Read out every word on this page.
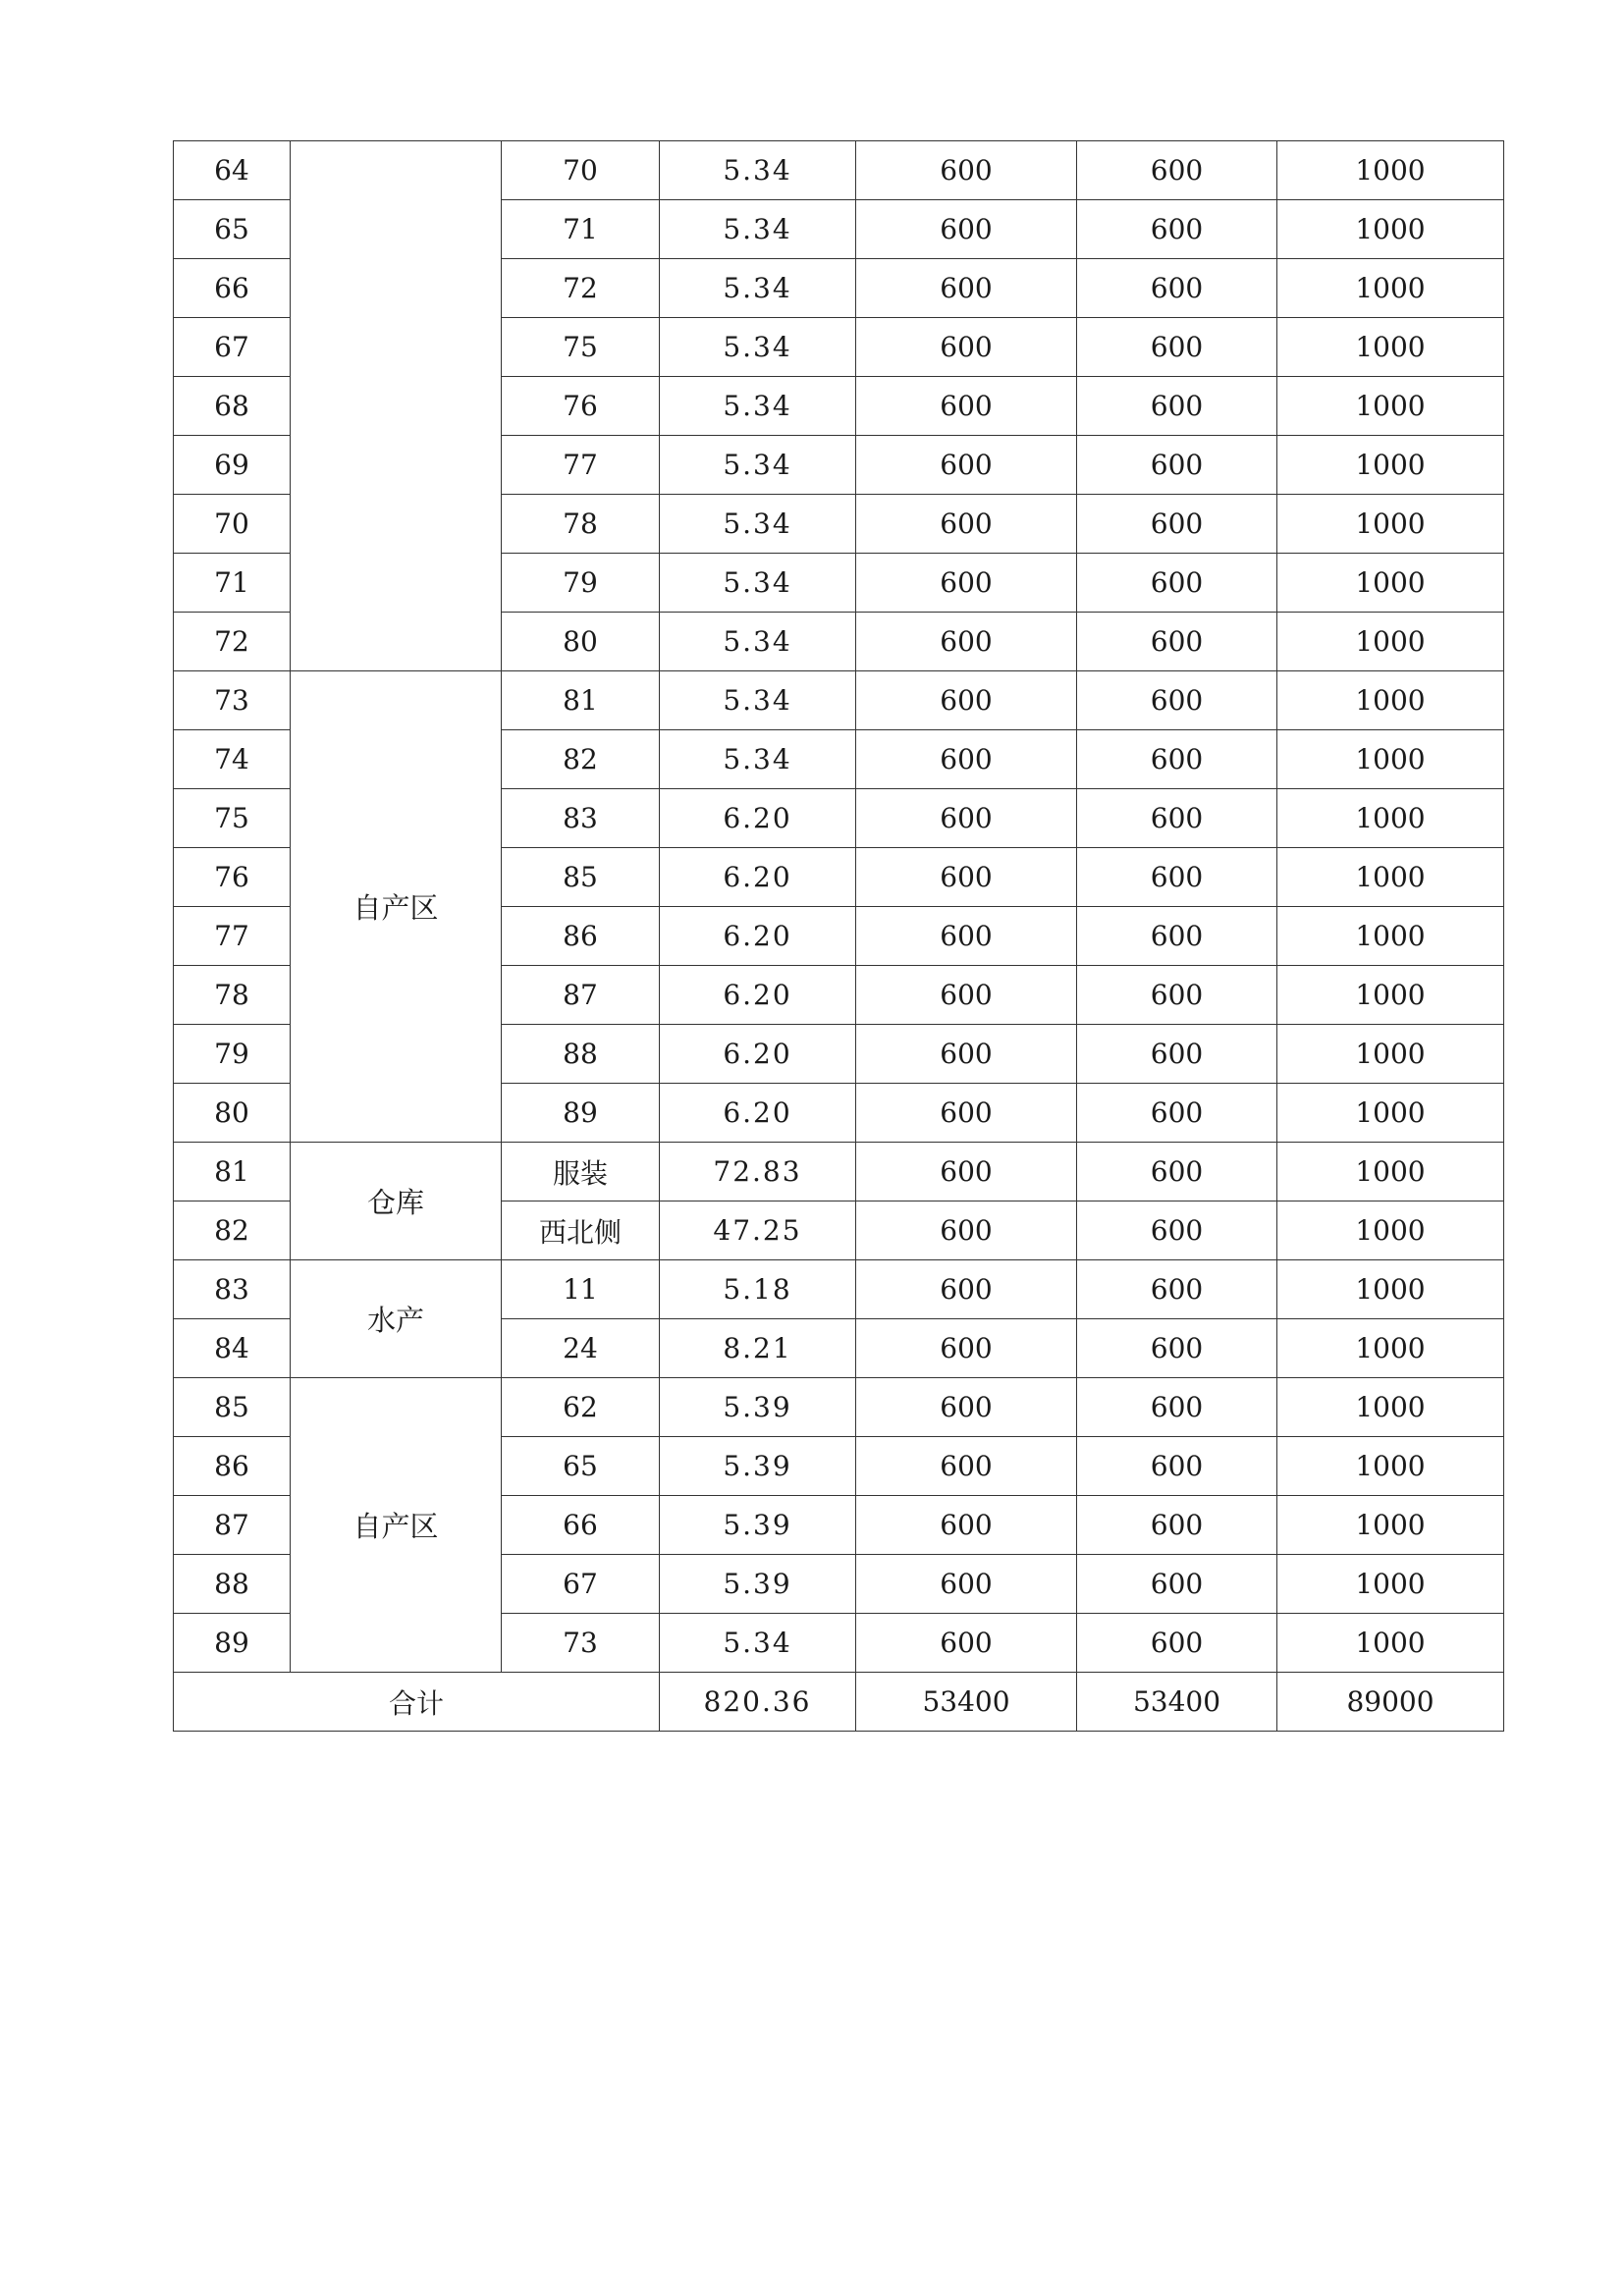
64		70	5.34	600	600	1000
65		71	5.34	600	600	1000
66		72	5.34	600	600	1000
67		75	5.34	600	600	1000
68		76	5.34	600	600	1000
69		77	5.34	600	600	1000
70		78	5.34	600	600	1000
71		79	5.34	600	600	1000
72		80	5.34	600	600	1000
73	自产区	81	5.34	600	600	1000
74		82	5.34	600	600	1000
75		83	6.20	600	600	1000
76		85	6.20	600	600	1000
77		86	6.20	600	600	1000
78		87	6.20	600	600	1000
79		88	6.20	600	600	1000
80		89	6.20	600	600	1000
81	仓库	服装	72.83	600	600	1000
82		西北侧	47.25	600	600	1000
83	水产	11	5.18	600	600	1000
84		24	8.21	600	600	1000
85	自产区	62	5.39	600	600	1000
86		65	5.39	600	600	1000
87		66	5.39	600	600	1000
88		67	5.39	600	600	1000
89		73	5.34	600	600	1000
合计			820.36	53400	53400	89000
